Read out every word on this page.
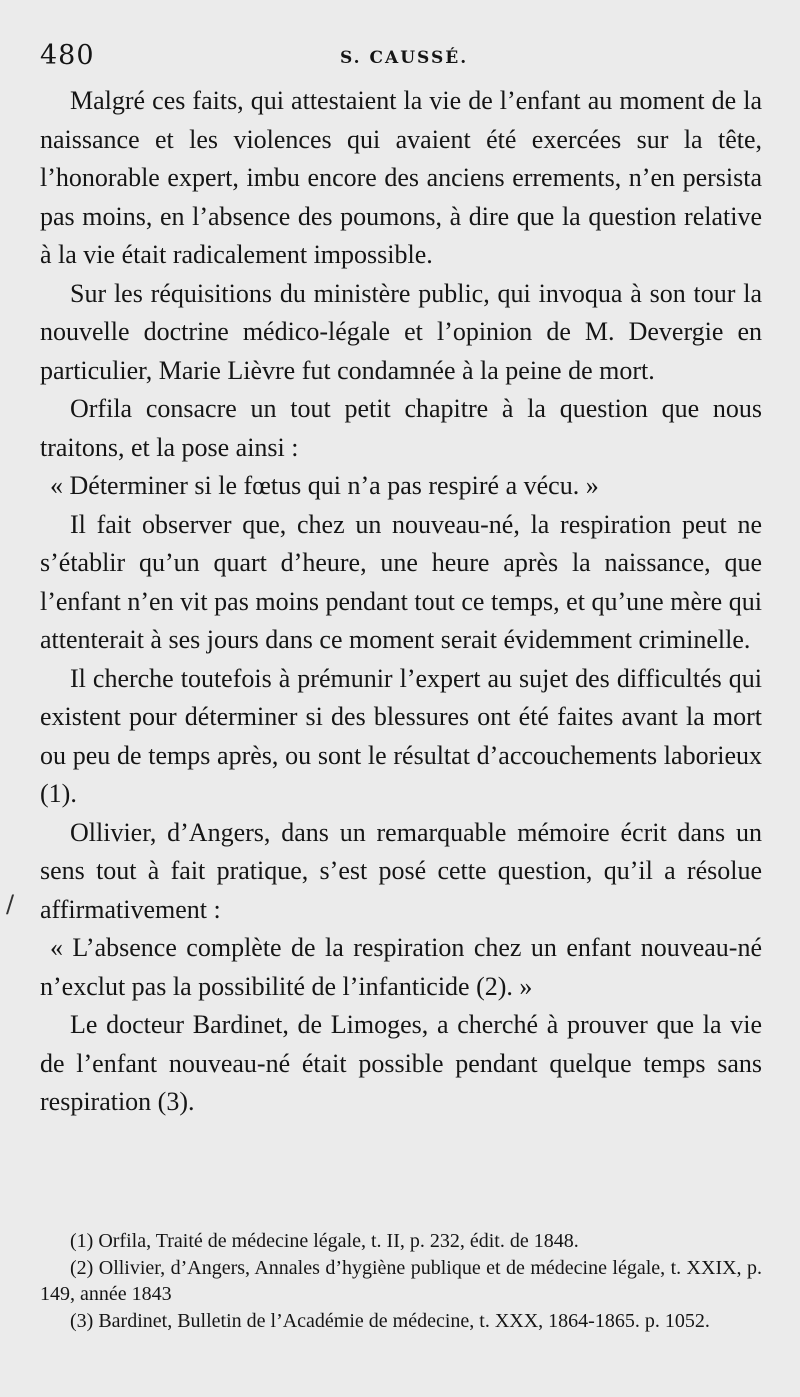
480	S. CAUSSÉ.

Malgré ces faits, qui attestaient la vie de l’enfant au moment de la naissance et les violences qui avaient été exercées sur la tête, l’honorable expert, imbu encore des anciens errements, n’en persista pas moins, en l’absence des poumons, à dire que la question relative à la vie était radicalement impossible.

Sur les réquisitions du ministère public, qui invoqua à son tour la nouvelle doctrine médico-légale et l’opinion de M. Devergie en particulier, Marie Lièvre fut condamnée à la peine de mort.

Orfila consacre un tout petit chapitre à la question que nous traitons, et la pose ainsi :

« Déterminer si le fœtus qui n’a pas respiré a vécu. »

Il fait observer que, chez un nouveau-né, la respiration peut ne s’établir qu’un quart d’heure, une heure après la naissance, que l’enfant n’en vit pas moins pendant tout ce temps, et qu’une mère qui attenterait à ses jours dans ce moment serait évidemment criminelle.

Il cherche toutefois à prémunir l’expert au sujet des difficultés qui existent pour déterminer si des blessures ont été faites avant la mort ou peu de temps après, ou sont le résultat d’accouchements laborieux (1).

Ollivier, d’Angers, dans un remarquable mémoire écrit dans un sens tout à fait pratique, s’est posé cette question, qu’il a résolue affirmativement :

« L’absence complète de la respiration chez un enfant nouveau-né n’exclut pas la possibilité de l’infanticide (2). »

Le docteur Bardinet, de Limoges, a cherché à prouver que la vie de l’enfant nouveau-né était possible pendant quelque temps sans respiration (3).

/

(1) Orfila, Traité de médecine légale, t. II, p. 232, édit. de 1848.

(2) Ollivier, d’Angers, Annales d’hygiène publique et de médecine légale, t. XXIX, p. 149, année 1843

(3) Bardinet, Bulletin de l’Académie de médecine, t. XXX, 1864-1865. p. 1052.
